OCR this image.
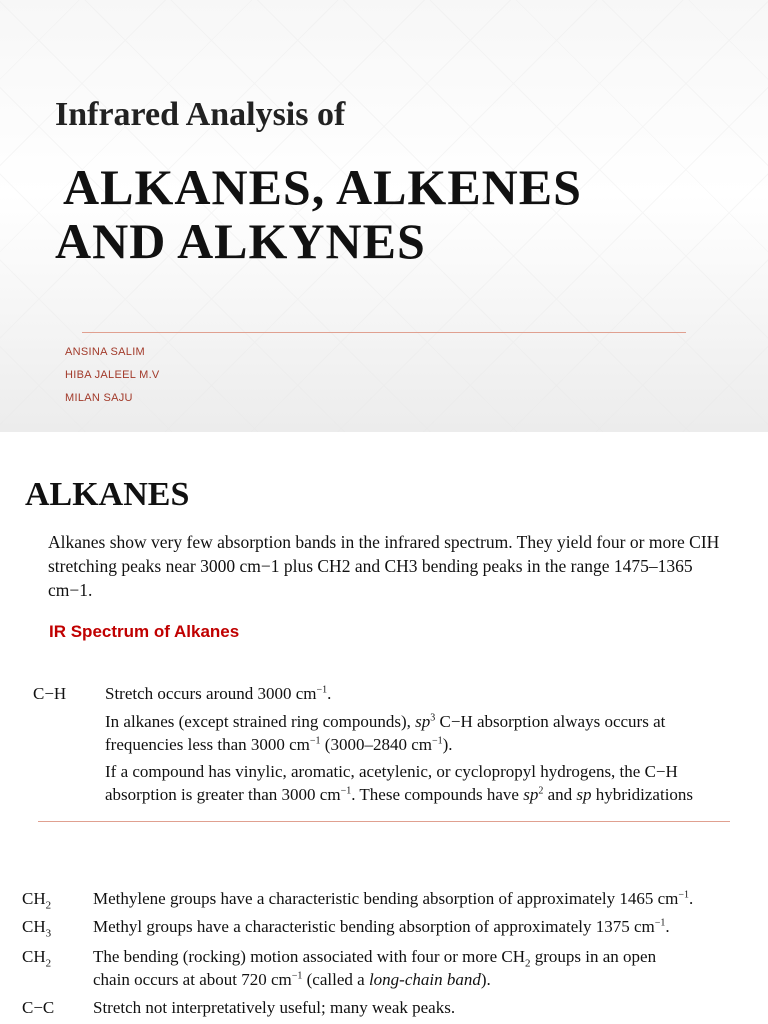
Infrared Analysis of
ALKANES, ALKENES
AND ALKYNES
ANSINA SALIM
HIBA JALEEL M.V
MILAN SAJU
ALKANES

Alkanes show very few absorption bands in the infrared spectrum. They yield four or more CIH stretching peaks near 3000 cm−1 plus CH2 and CH3 bending peaks in the range 1475–1365 cm−1.

IR Spectrum of Alkanes
C−H Stretch occurs around 3000 $cm^{-1}$.
In alkanes (except strained ring compounds), $sp^3$ C−H absorption always occurs at
frequencies less than 3000 $cm^{-1}$ (3000–2840 $cm^{-1}$).
If a compound has vinylic, aromatic, acetylenic, or cyclopropyl hydrogens, the C−H
absorption is greater than 3000 $cm^{-1}$. These compounds have $sp^2$ and sp hybridizations
$CH_2$ Methylene groups have a characteristic bending absorption of approximately 1465 $cm^{-1}$.
$CH_3$ Methyl groups have a characteristic bending absorption of approximately 1375 $cm^{-1}$.
$CH_2$ The bending (rocking) motion associated with four or more $CH_2$ groups in an open
chain occurs at about 720 $cm^{-1}$ (called a long-chain band).
C−C Stretch not interpretatively useful; many weak peaks.
